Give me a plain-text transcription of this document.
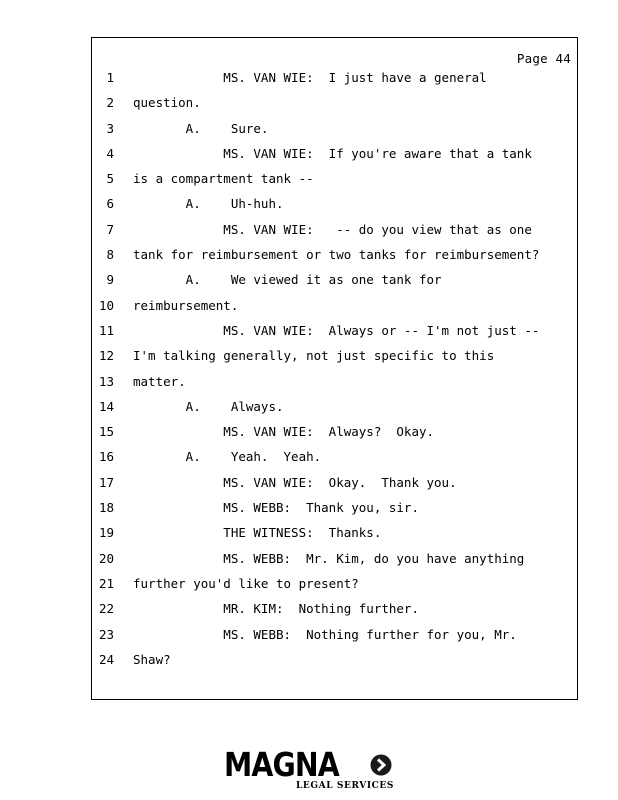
Page 44
1 MS. VAN WIE:  I just have a general
2 question.
3 A.    Sure.
4 MS. VAN WIE:  If you're aware that a tank
5 is a compartment tank --
6 A.    Uh-huh.
7 MS. VAN WIE:   -- do you view that as one
8 tank for reimbursement or two tanks for reimbursement?
9 A.    We viewed it as one tank for
10 reimbursement.
11 MS. VAN WIE:  Always or -- I'm not just --
12 I'm talking generally, not just specific to this
13 matter.
14 A.    Always.
15 MS. VAN WIE:  Always?  Okay.
16 A.    Yeah.  Yeah.
17 MS. VAN WIE:  Okay.  Thank you.
18 MS. WEBB:  Thank you, sir.
19 THE WITNESS:  Thanks.
20 MS. WEBB:  Mr. Kim, do you have anything
21 further you'd like to present?
22 MR. KIM:  Nothing further.
23 MS. WEBB:  Nothing further for you, Mr.
24 Shaw?
MAGNA
LEGAL SERVICES
